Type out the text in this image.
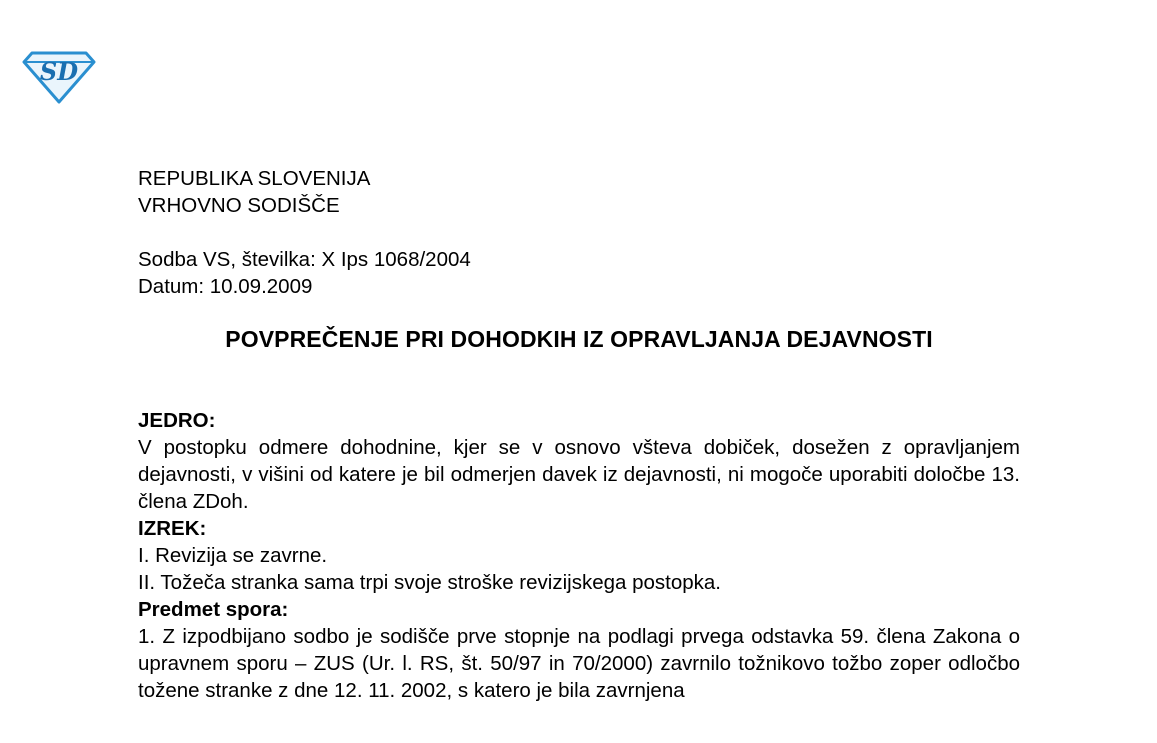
SD
REPUBLIKA SLOVENIJA
VRHOVNO SODIŠČE
Sodba VS, številka: X Ips 1068/2004
Datum: 10.09.2009
POVPREČENJE PRI DOHODKIH IZ OPRAVLJANJA DEJAVNOSTI
JEDRO:
V postopku odmere dohodnine, kjer se v osnovo všteva dobiček, dosežen z opravljanjem dejavnosti, v višini od katere je bil odmerjen davek iz dejavnosti, ni mogoče uporabiti določbe 13. člena ZDoh.
IZREK:
I. Revizija se zavrne.
II. Tožeča stranka sama trpi svoje stroške revizijskega postopka.
Predmet spora:
1. Z izpodbijano sodbo je sodišče prve stopnje na podlagi prvega odstavka 59. člena Zakona o upravnem sporu – ZUS (Ur. l. RS, št. 50/97 in 70/2000) zavrnilo tožnikovo tožbo zoper odločbo tožene stranke z dne 12. 11. 2002, s katero je bila zavrnjena
